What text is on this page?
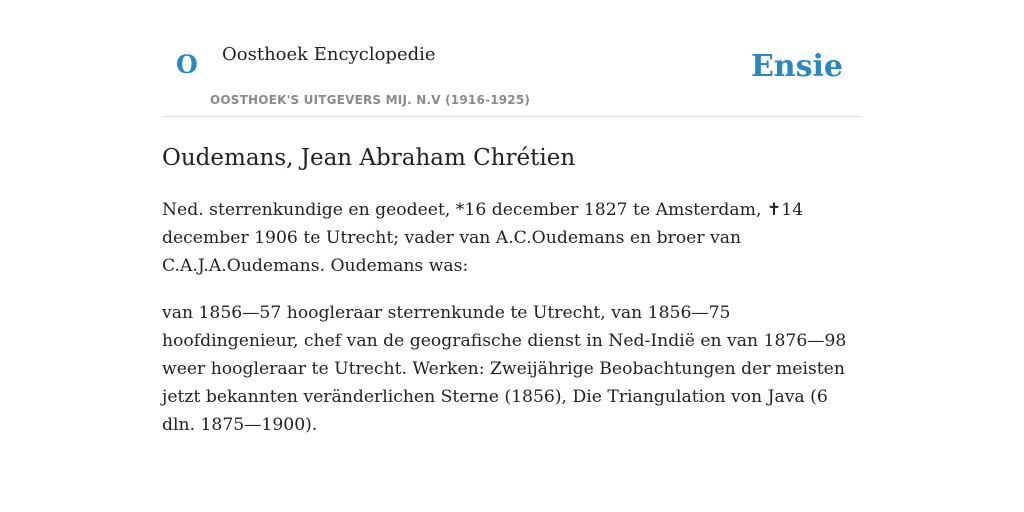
O Oosthoek Encyclopedie
OOSTHOEK'S UITGEVERS MIJ. N.V (1916-1925)
Ensie
Oudemans, Jean Abraham Chrétien

Ned. sterrenkundige en geodeet, *16 december 1827 te Amsterdam, ✝14 december 1906 te Utrecht; vader van A.C.Oudemans en broer van C.A.J.A.Oudemans. Oudemans was:

van 1856—57 hoogleraar sterrenkunde te Utrecht, van 1856—75 hoofdingenieur, chef van de geografische dienst in Ned-Indië en van 1876—98 weer hoogleraar te Utrecht. Werken: Zweijährige Beobachtungen der meisten jetzt bekannten veränderlichen Sterne (1856), Die Triangulation von Java (6 dln. 1875—1900).
